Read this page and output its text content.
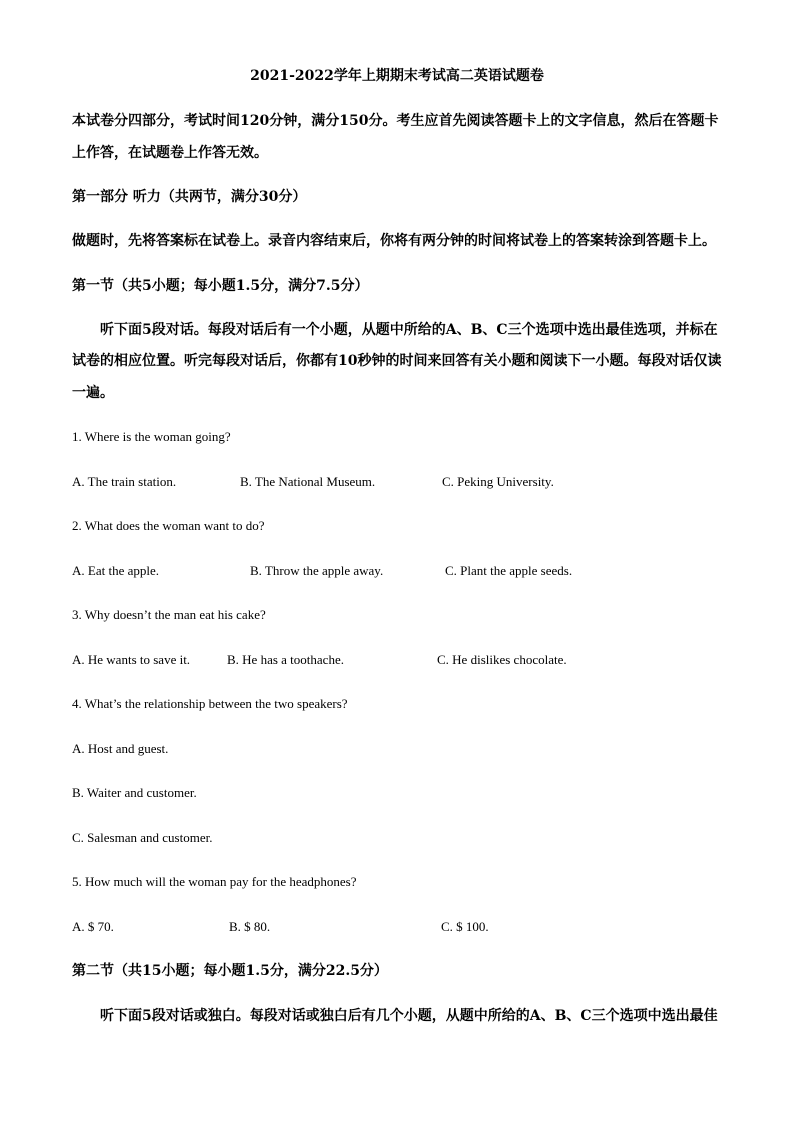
2021-2022学年上期期末考试高二英语试题卷
本试卷分四部分，考试时间120分钟，满分150分。考生应首先阅读答题卡上的文字信息，然后在答题卡
上作答，在试题卷上作答无效。
第一部分 听力（共两节，满分30分）
做题时，先将答案标在试卷上。录音内容结束后，你将有两分钟的时间将试卷上的答案转涂到答题卡上。
第一节（共5小题；每小题1.5分，满分7.5分）
听下面5段对话。每段对话后有一个小题，从题中所给的A、B、C三个选项中选出最佳选项，并标在
试卷的相应位置。听完每段对话后，你都有10秒钟的时间来回答有关小题和阅读下一小题。每段对话仅读
一遍。
1. Where is the woman going?
A. The train station.	B. The National Museum.	C. Peking University.
2. What does the woman want to do?
A. Eat the apple.	B. Throw the apple away.	C. Plant the apple seeds.
3. Why doesn’t the man eat his cake?
A. He wants to save it.	B. He has a toothache.	C. He dislikes chocolate.
4. What’s the relationship between the two speakers?
A. Host and guest.
B. Waiter and customer.
C. Salesman and customer.
5. How much will the woman pay for the headphones?
A. $ 70.	B. $ 80.	C. $ 100.
第二节（共15小题；每小题1.5分，满分22.5分）
听下面5段对话或独白。每段对话或独白后有几个小题，从题中所给的A、B、C三个选项中选出最佳
